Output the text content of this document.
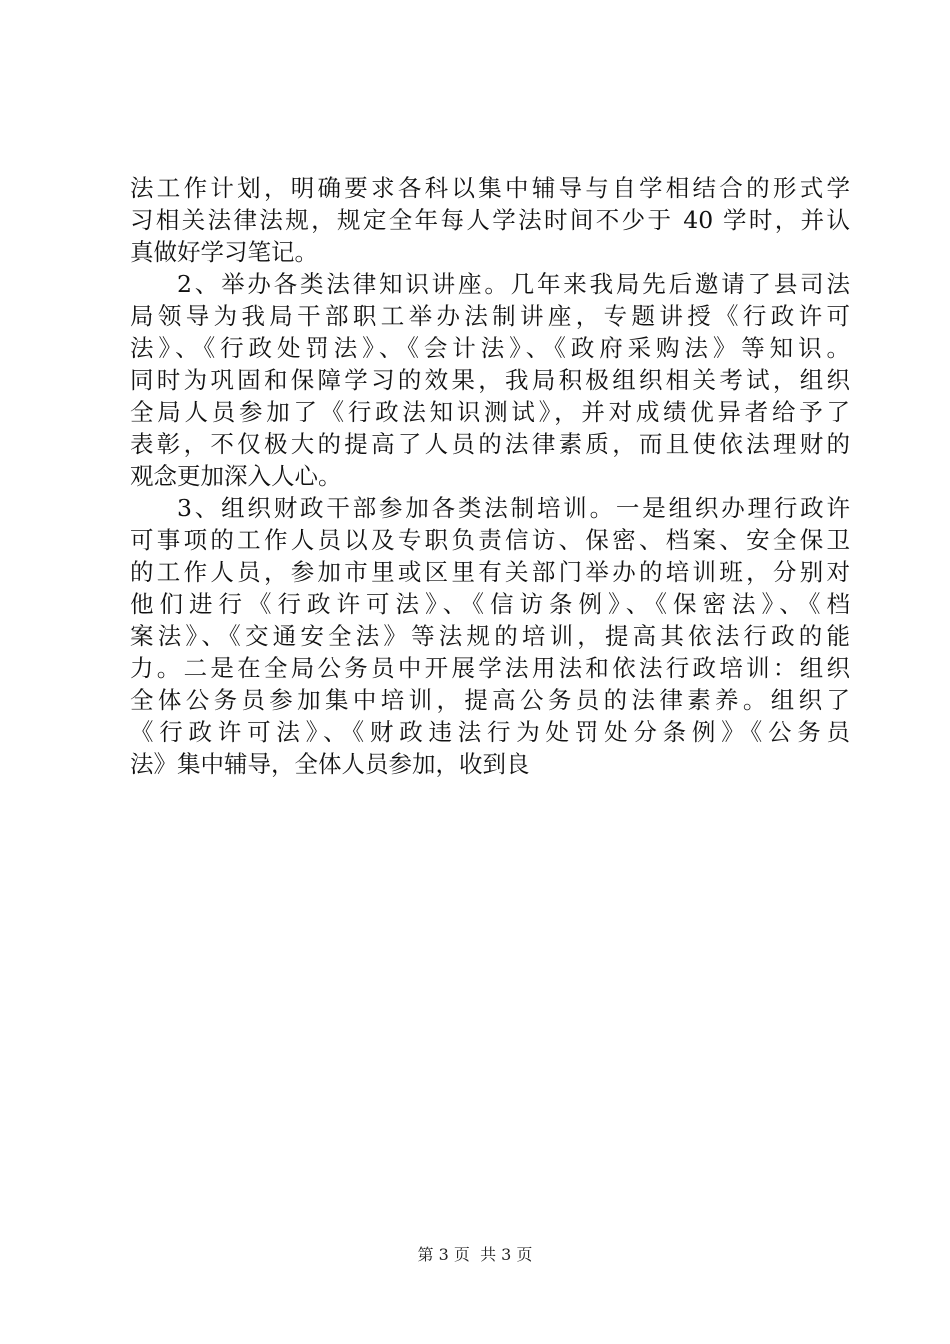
法工作计划，明确要求各科以集中辅导与自学相结合的形式学
习相关法律法规，规定全年每人学法时间不少于 40 学时，并认
真做好学习笔记。
2、举办各类法律知识讲座。几年来我局先后邀请了县司法
局领导为我局干部职工举办法制讲座，专题讲授《行政许可
法》、《行政处罚法》、《会计法》、《政府采购法》等知识。
同时为巩固和保障学习的效果，我局积极组织相关考试，组织
全局人员参加了《行政法知识测试》，并对成绩优异者给予了
表彰，不仅极大的提高了人员的法律素质，而且使依法理财的
观念更加深入人心。
3、组织财政干部参加各类法制培训。一是组织办理行政许
可事项的工作人员以及专职负责信访、保密、档案、安全保卫
的工作人员，参加市里或区里有关部门举办的培训班，分别对
他们进行《行政许可法》、《信访条例》、《保密法》、《档
案法》、《交通安全法》等法规的培训，提高其依法行政的能
力。二是在全局公务员中开展学法用法和依法行政培训：组织
全体公务员参加集中培训，提高公务员的法律素养。组织了
《行政许可法》、《财政违法行为处罚处分条例》《公务员
法》集中辅导，全体人员参加，收到良
第 3 页  共 3 页
